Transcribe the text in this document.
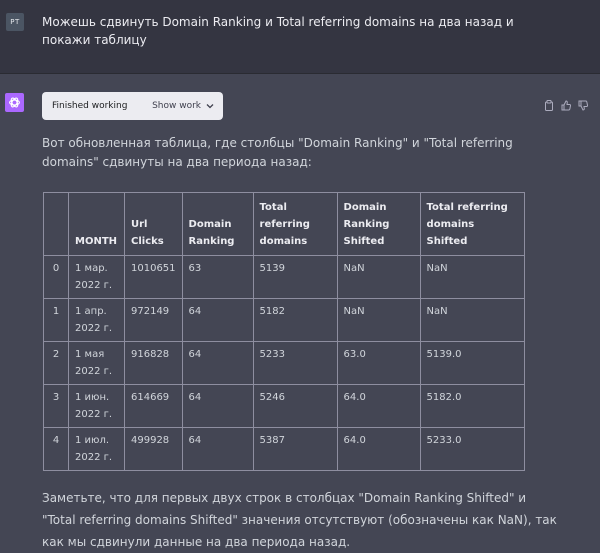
PT	Можешь сдвинуть Domain Ranking и Total referring domains на два назад и покажи таблицу
Finished working	Show work
Вот обновленная таблица, где столбцы "Domain Ranking" и "Total referring domains" сдвинуты на два периода назад:
	MONTH	Url Clicks	Domain Ranking	Total referring domains	Domain Ranking Shifted	Total referring domains Shifted
0	1 мар. 2022 г.	1010651	63	5139	NaN	NaN
1	1 апр. 2022 г.	972149	64	5182	NaN	NaN
2	1 мая 2022 г.	916828	64	5233	63.0	5139.0
3	1 июн. 2022 г.	614669	64	5246	64.0	5182.0
4	1 июл. 2022 г.	499928	64	5387	64.0	5233.0
Заметьте, что для первых двух строк в столбцах "Domain Ranking Shifted" и "Total referring domains Shifted" значения отсутствуют (обозначены как NaN), так как мы сдвинули данные на два периода назад.
